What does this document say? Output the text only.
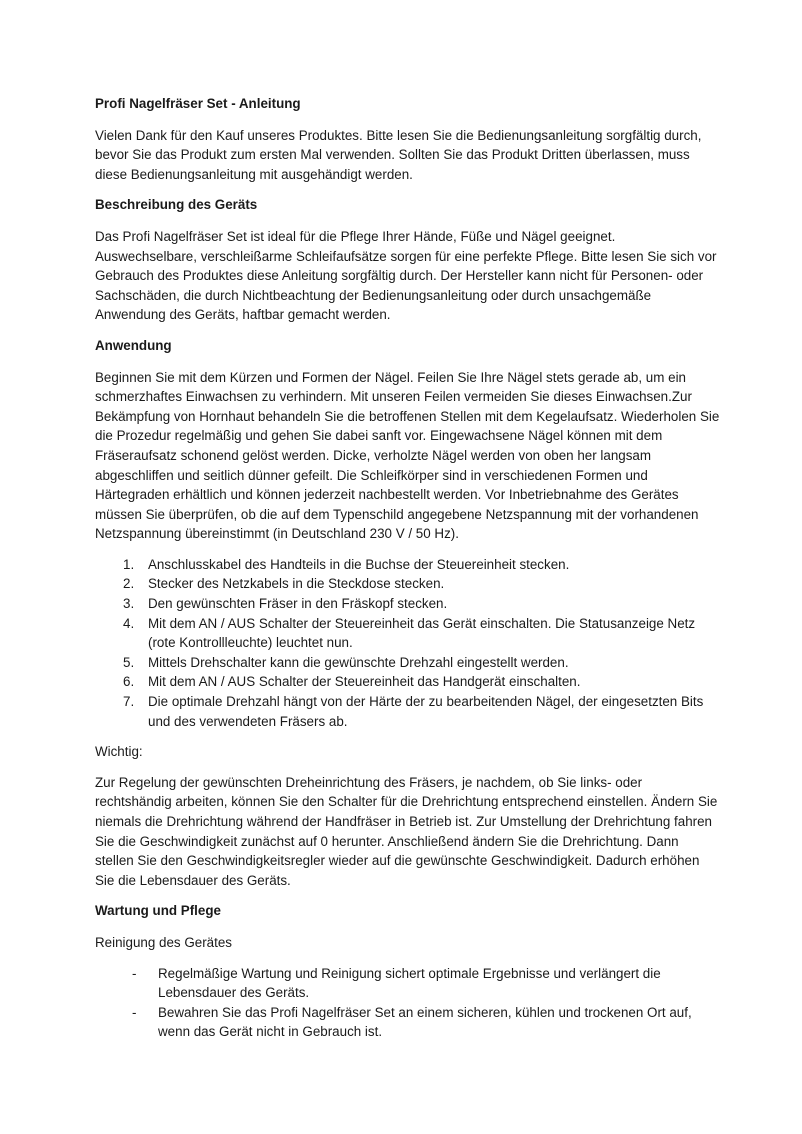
Profi Nagelfräser Set - Anleitung
Vielen Dank für den Kauf unseres Produktes. Bitte lesen Sie die Bedienungsanleitung sorgfältig durch, bevor Sie das Produkt zum ersten Mal verwenden. Sollten Sie das Produkt Dritten überlassen, muss diese Bedienungsanleitung mit ausgehändigt werden.
Beschreibung des Geräts
Das Profi Nagelfräser Set ist ideal für die Pflege Ihrer Hände, Füße und Nägel geeignet. Auswechselbare, verschleißarme Schleifaufsätze sorgen für eine perfekte Pflege. Bitte lesen Sie sich vor Gebrauch des Produktes diese Anleitung sorgfältig durch. Der Hersteller kann nicht für Personen- oder Sachschäden, die durch Nichtbeachtung der Bedienungsanleitung oder durch unsachgemäße Anwendung des Geräts, haftbar gemacht werden.
Anwendung
Beginnen Sie mit dem Kürzen und Formen der Nägel. Feilen Sie Ihre Nägel stets gerade ab, um ein schmerzhaftes Einwachsen zu verhindern. Mit unseren Feilen vermeiden Sie dieses Einwachsen.Zur Bekämpfung von Hornhaut behandeln Sie die betroffenen Stellen mit dem Kegelaufsatz. Wiederholen Sie die Prozedur regelmäßig und gehen Sie dabei sanft vor. Eingewachsene Nägel können mit dem Fräseraufsatz schonend gelöst werden. Dicke, verholzte Nägel werden von oben her langsam abgeschliffen und seitlich dünner gefeilt. Die Schleifkörper sind in verschiedenen Formen und Härtegraden erhältlich und können jederzeit nachbestellt werden. Vor Inbetriebnahme des Gerätes müssen Sie überprüfen, ob die auf dem Typenschild angegebene Netzspannung mit der vorhandenen Netzspannung übereinstimmt (in Deutschland 230 V / 50 Hz).
1. Anschlusskabel des Handteils in die Buchse der Steuereinheit stecken.
2. Stecker des Netzkabels in die Steckdose stecken.
3. Den gewünschten Fräser in den Fräskopf stecken.
4. Mit dem AN / AUS Schalter der Steuereinheit das Gerät einschalten. Die Statusanzeige Netz (rote Kontrollleuchte) leuchtet nun.
5. Mittels Drehschalter kann die gewünschte Drehzahl eingestellt werden.
6. Mit dem AN / AUS Schalter der Steuereinheit das Handgerät einschalten.
7. Die optimale Drehzahl hängt von der Härte der zu bearbeitenden Nägel, der eingesetzten Bits und des verwendeten Fräsers ab.
Wichtig:
Zur Regelung der gewünschten Dreheinrichtung des Fräsers, je nachdem, ob Sie links- oder rechtshändig arbeiten, können Sie den Schalter für die Drehrichtung entsprechend einstellen. Ändern Sie niemals die Drehrichtung während der Handfräser in Betrieb ist. Zur Umstellung der Drehrichtung fahren Sie die Geschwindigkeit zunächst auf 0 herunter. Anschließend ändern Sie die Drehrichtung. Dann stellen Sie den Geschwindigkeitsregler wieder auf die gewünschte Geschwindigkeit. Dadurch erhöhen Sie die Lebensdauer des Geräts.
Wartung und Pflege
Reinigung des Gerätes
- Regelmäßige Wartung und Reinigung sichert optimale Ergebnisse und verlängert die Lebensdauer des Geräts.
- Bewahren Sie das Profi Nagelfräser Set an einem sicheren, kühlen und trockenen Ort auf, wenn das Gerät nicht in Gebrauch ist.
